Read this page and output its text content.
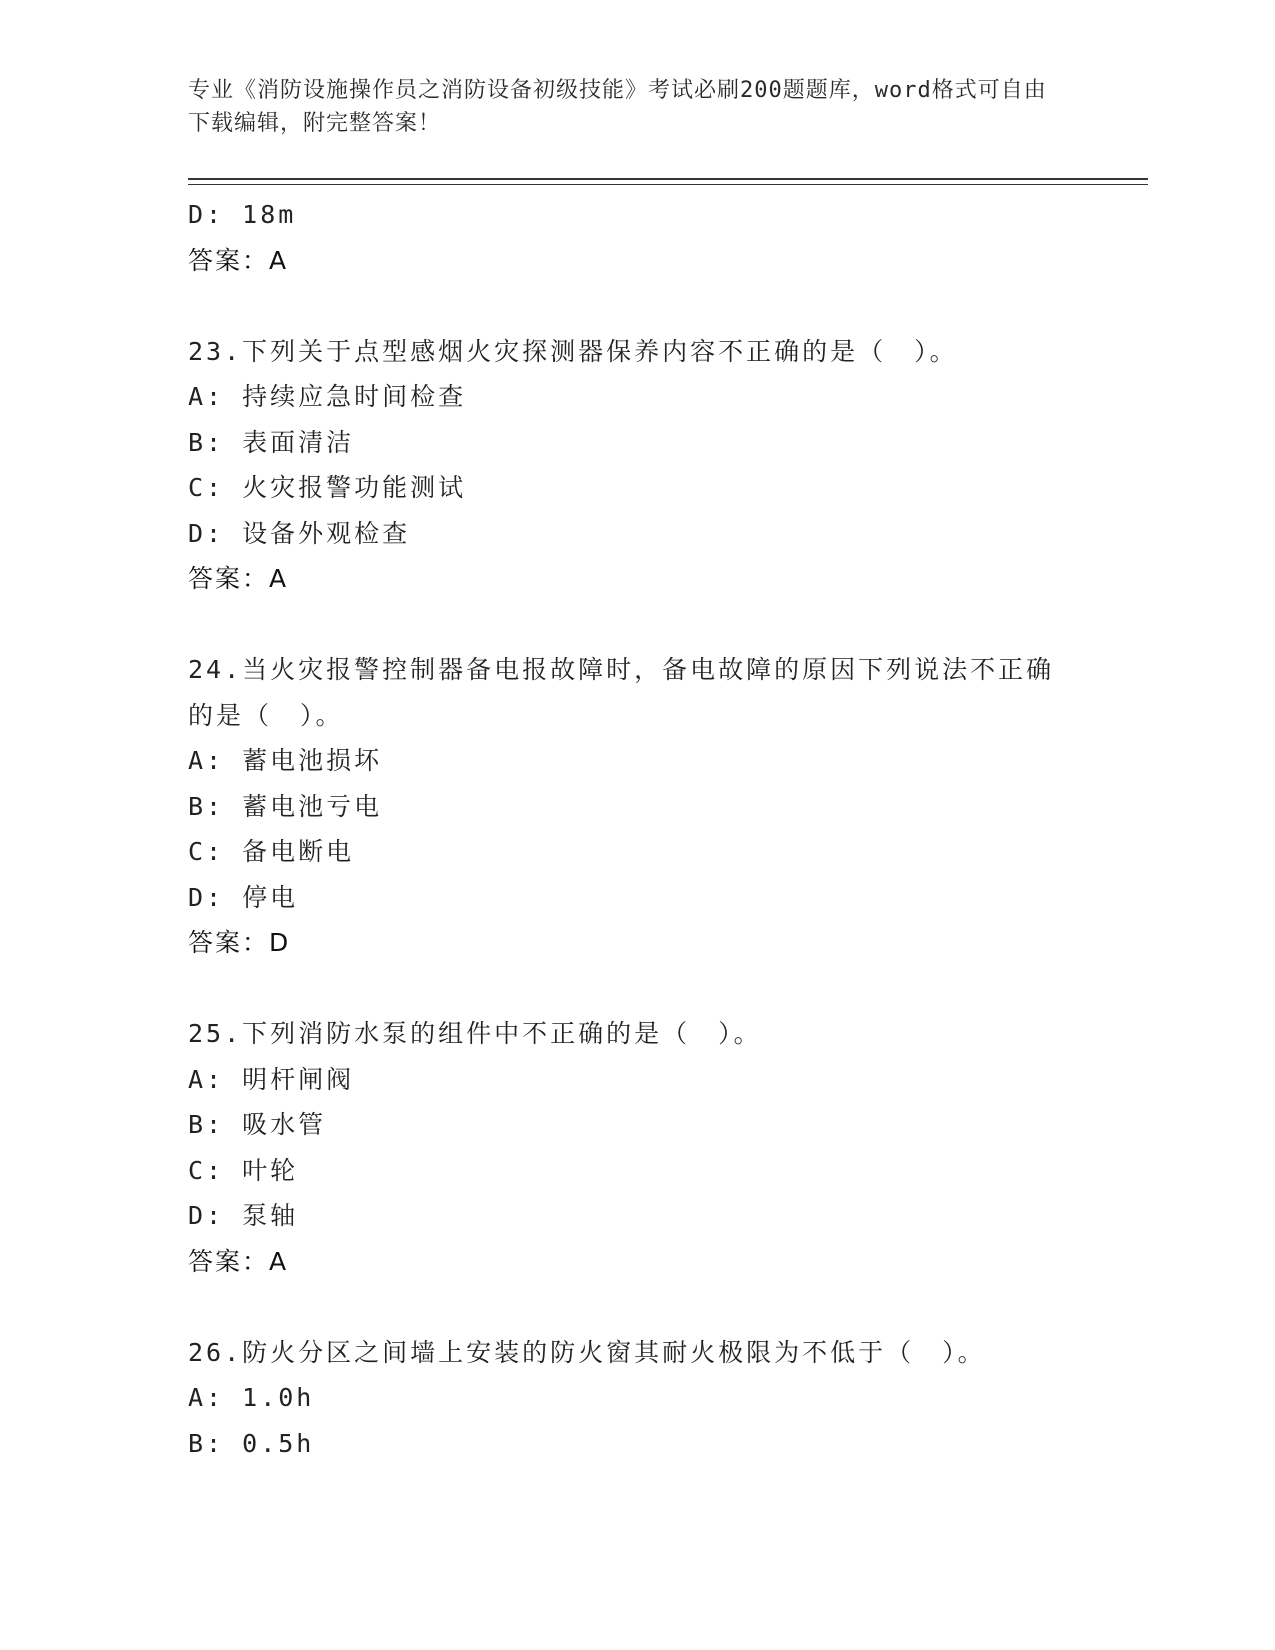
专业《消防设施操作员之消防设备初级技能》考试必刷200题题库，word格式可自由下载编辑，附完整答案！
D: 18m
答案：A
23.下列关于点型感烟火灾探测器保养内容不正确的是（　）。
A: 持续应急时间检查
B: 表面清洁
C: 火灾报警功能测试
D: 设备外观检查
答案：A
24.当火灾报警控制器备电报故障时，备电故障的原因下列说法不正确
的是（　）。
A: 蓄电池损坏
B: 蓄电池亏电
C: 备电断电
D: 停电
答案：D
25.下列消防水泵的组件中不正确的是（　）。
A: 明杆闸阀
B: 吸水管
C: 叶轮
D: 泵轴
答案：A
26.防火分区之间墙上安装的防火窗其耐火极限为不低于（　）。
A: 1.0h
B: 0.5h
